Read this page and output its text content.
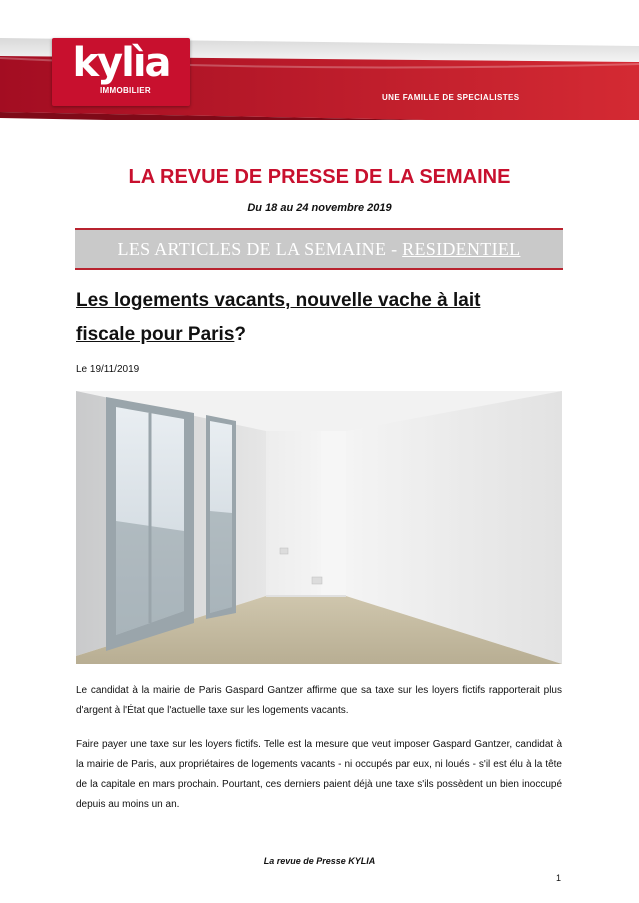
kylìa
IMMOBILIER
UNE FAMILLE DE SPECIALISTES
LA REVUE DE PRESSE DE LA SEMAINE
Du 18 au 24 novembre 2019
LES ARTICLES DE LA SEMAINE - RESIDENTIEL
Les logements vacants, nouvelle vache à lait
fiscale pour Paris?
Le 19/11/2019
Le candidat à la mairie de Paris Gaspard Gantzer affirme que sa taxe sur les loyers fictifs rapporterait plus d'argent à l'État que l'actuelle taxe sur les logements vacants.
Faire payer une taxe sur les loyers fictifs. Telle est la mesure que veut imposer Gaspard Gantzer, candidat à la mairie de Paris, aux propriétaires de logements vacants - ni occupés par eux, ni loués - s'il est élu à la tête de la capitale en mars prochain. Pourtant, ces derniers paient déjà une taxe s'ils possèdent un bien inoccupé depuis au moins un an.
La revue de Presse KYLIA
1
